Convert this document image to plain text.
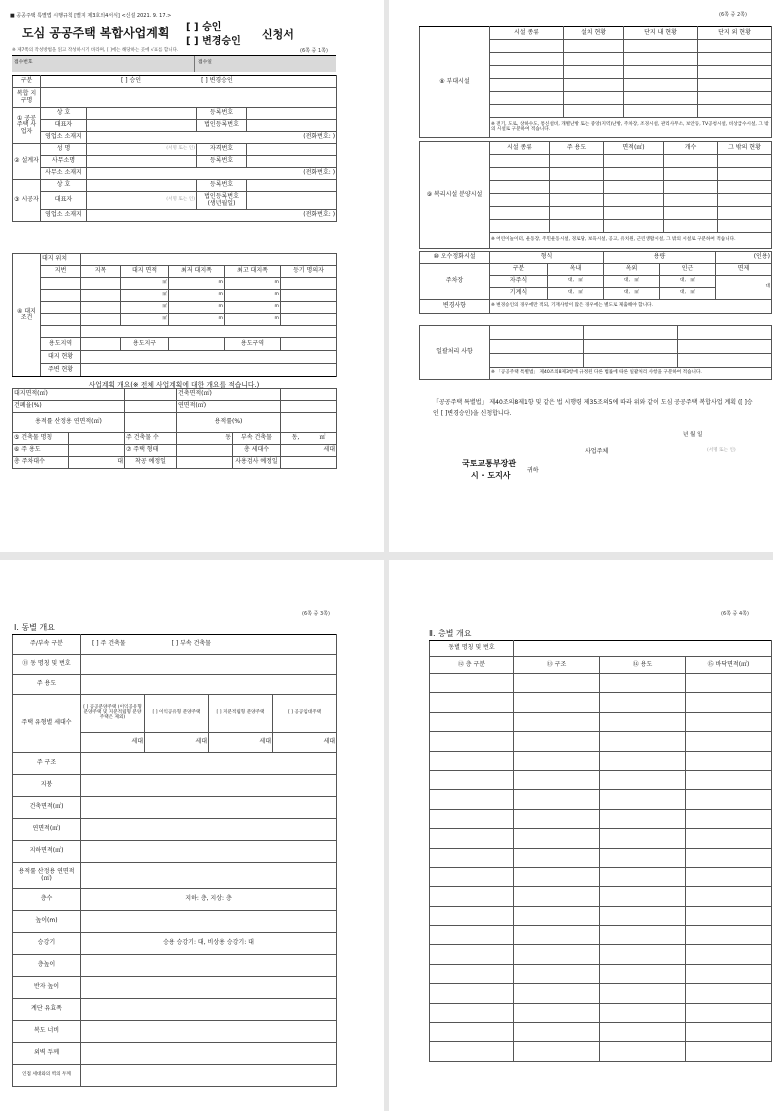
■ 공공주택 특별법 시행규칙 [별지 제3호의4서식] <신설 2021. 9. 17.>
도심 공공주택 복합사업계획 [ ] 승인
[ ] 변경승인
신청서
※ 제7쪽의 작성방법을 읽고 작성하시기 바라며, [ ]에는 해당하는 곳에 √표를 합니다.	(6쪽 중 1쪽)
접수번호	접수일
구분	[ ] 승인 [ ] 변경승인			
복합 지구명				
① 공공 주택 사업자	상 호		등록번호	
	대표자		법인등록번호	
	영업소 소재지	(전화번호: )		
② 설계자	성 명	(서명 또는 인)	자격번호	
	사무소명		등록번호	
	사무소 소재지	(전화번호: )		
③ 시공자	상 호		등록번호	
	대표자	(서명 또는 인)	법인등록번호
(생년월일)	

	영업소 소재지	(전화번호: )		
④ 대지 조건	대지 위치					
	지번	지목	대지 면적	최저 대지폭	최고 대지폭	등기 명의자
			㎡	m	m	
			㎡	m	m	
			㎡	m	m	
			㎡	m	m	

	용도지역		용도지구		용도구역	
	대지 현황					
	주변 현황					
사업계획 개요(※ 전체 사업계획에 대한 개요를 적습니다.)
대지면적(㎡)			건축면적(㎡)		
건폐율(%)			연면적(㎡)		
용적률 산정용 연면적(㎡)			용적률(%)		
⑤ 건축물 명칭		주 건축물 수	동	부속 건축물	동, ㎡
⑥ 주 용도		⑦ 주택 형태		총 세대수	세대
총 주차대수	대	착공 예정일		사용검사 예정일	
(6쪽 중 2쪽)
⑧ 부대시설	시설 종류	설치 현황	단지 내 현황	단지 외 현황

	※ 전기, 도로, 상하수도, 통신설비, 개별난방 또는 중앙(지역)난방, 주차장, 조경시설, 관리사무소, 보안등, TV공청시설, 비상급수시설, 그 밖의 시설로 구분하여 적습니다.			
⑨ 복리시설 분양시설	시설 종류	주 용도	면적(㎡)	개수	그 밖의 현황

	※ 어린이놀이터, 운동장, 주민운동시설, 경로당, 보육시설, 공고, 유치원, 근린생활시설, 그 밖의 시설로 구분하여 적습니다.				
⑩ 오수정화시설	형식		용량		(인용)
주차장	구분	옥내	옥외	인근	면제
	자주식	대, ㎡	대, ㎡	대, ㎡	대
	기계식	대, ㎡	대, ㎡	대, ㎡	
변경사항	※ 변경승인의 경우에만 적되, 기재사항이 많은 경우에는 별도로 제출해야 합니다.				
일괄처리 사항			

	※ 「공공주택 특별법」 제40조의8제3항에 규정된 다른 법률에 따른 일괄처리 사항을 구분하여 적습니다.		
「공공주택 특별법」 제40조의8제1항 및 같은 법 시행령 제35조의5에 따라 위와 같이 도심 공공주택 복합사업 계획 ([ ]승인 [ ]변경승인)을 신청합니다.
년 월 일
사업주체	(서명 또는 인)
국토교통부장관
시 · 도지사
귀하
(6쪽 중 3쪽)
Ⅰ. 동별 개요
주/부속 구분	[ ] 주 건축물 [ ] 부속 건축물			
⑪ 동 명칭 및 번호				
주 용도				
주택 유형별 세대수	[ ] 공공분양주택 (이익공유형 분양주택 및 지분적립형 분양주택은 제외)	[ ] 이익공유형 분양주택	[ ] 지분적립형 분양주택	[ ] 공공임대주택
	세대	세대	세대	세대
주 구조				
지붕				
건축면적(㎡)				
연면적(㎡)				
지하면적(㎡)				
용적률 산정용 연면적(㎡)				
층수	지하: 층, 지상: 층			
높이(m)				
승강기	승용 승강기: 대, 비상용 승강기: 대			
층높이				
반자 높이				
계단 유효폭				
복도 너비				
외벽 두께				
인접 세대와의 벽의 두께				
(6쪽 중 4쪽)
Ⅱ. 층별 개요
동별 명칭 및 번호			
⑫ 층 구분	⑬ 구조	⑭ 용도	⑮ 바닥면적(㎡)
